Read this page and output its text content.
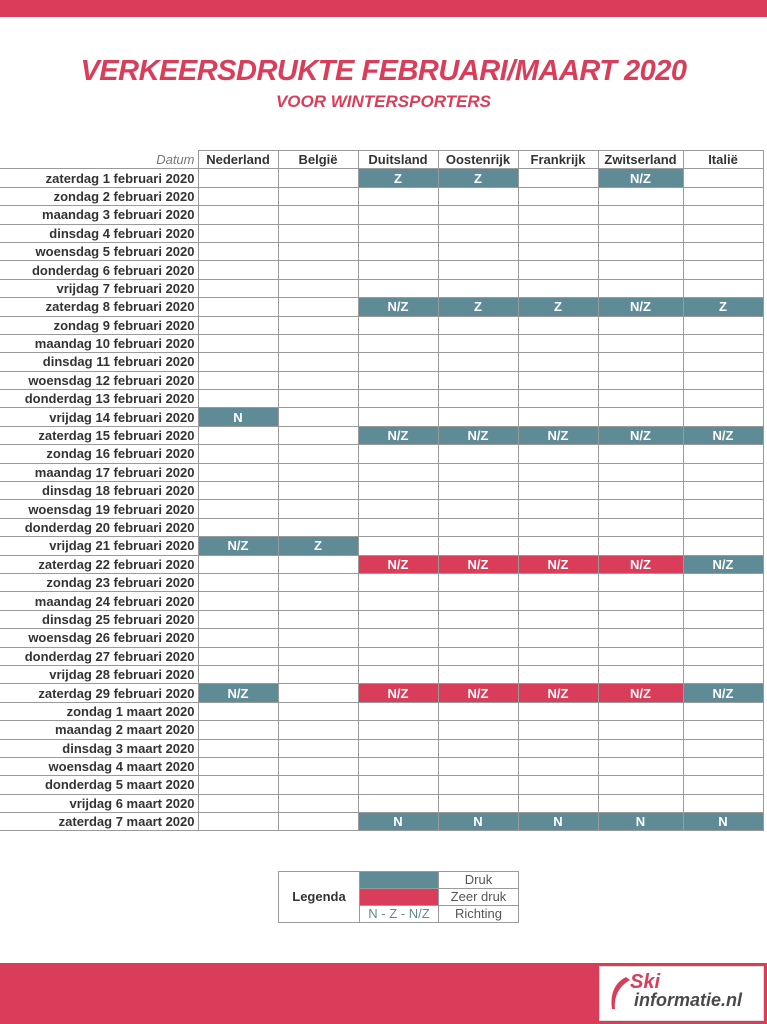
VERKEERSDRUKTE FEBRUARI/MAART 2020
VOOR WINTERSPORTERS
Datum	Nederland	België	Duitsland	Oostenrijk	Frankrijk	Zwitserland	Italië
zaterdag 1 februari 2020			Z	Z		N/Z	
zondag 2 februari 2020							
maandag 3 februari 2020							
dinsdag 4 februari 2020							
woensdag 5 februari 2020							
donderdag 6 februari 2020							
vrijdag 7 februari 2020							
zaterdag 8 februari 2020			N/Z	Z	Z	N/Z	Z
zondag 9 februari 2020							
maandag 10 februari 2020							
dinsdag 11 februari 2020							
woensdag 12 februari 2020							
donderdag 13 februari 2020							
vrijdag 14 februari 2020	N						
zaterdag 15 februari 2020			N/Z	N/Z	N/Z	N/Z	N/Z
zondag 16 februari 2020							
maandag 17 februari 2020							
dinsdag 18 februari 2020							
woensdag 19 februari 2020							
donderdag 20 februari 2020							
vrijdag 21 februari 2020	N/Z	Z					
zaterdag 22 februari 2020			N/Z	N/Z	N/Z	N/Z	N/Z
zondag 23 februari 2020							
maandag 24 februari 2020							
dinsdag 25 februari 2020							
woensdag 26 februari 2020							
donderdag 27 februari 2020							
vrijdag 28 februari 2020							
zaterdag 29 februari 2020	N/Z		N/Z	N/Z	N/Z	N/Z	N/Z
zondag 1 maart 2020							
maandag 2 maart 2020							
dinsdag 3 maart 2020							
woensdag 4 maart 2020							
donderdag 5 maart 2020							
vrijdag 6 maart 2020							
zaterdag 7 maart 2020			N	N	N	N	N
Legenda		Druk
		Zeer druk
	N - Z - N/Z	Richting
Ski
informatie.nl
